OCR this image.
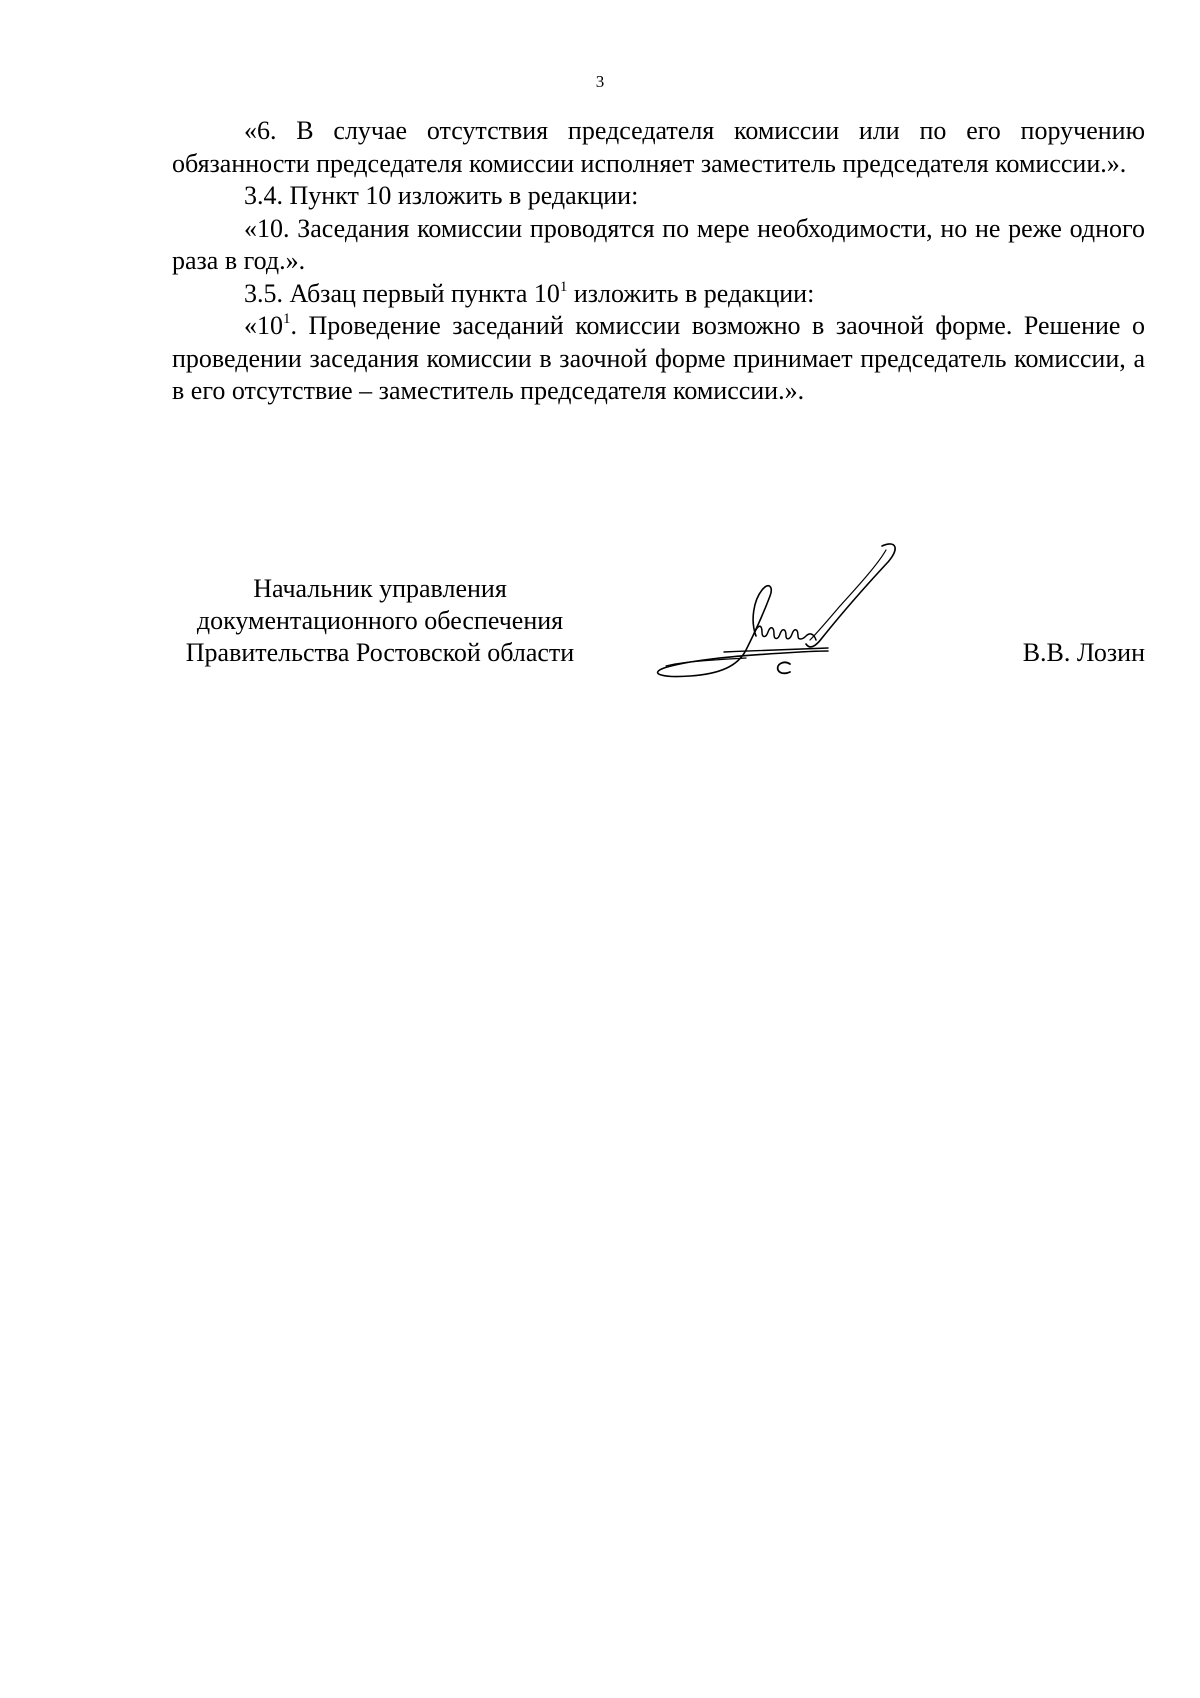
3

«6. В случае отсутствия председателя комиссии или по его поручению обязанности председателя комиссии исполняет заместитель председателя комиссии.».

3.4. Пункт 10 изложить в редакции:

«10. Заседания комиссии проводятся по мере необходимости, но не реже одного раза в год.».

3.5. Абзац первый пункта $10^1$ изложить в редакции:

«$10^1$. Проведение заседаний комиссии возможно в заочной форме. Решение о проведении заседания комиссии в заочной форме принимает председатель комиссии, а в его отсутствие – заместитель председателя комиссии.».

Начальник управления
документационного обеспечения
Правительства Ростовской области	В.В. Лозин
